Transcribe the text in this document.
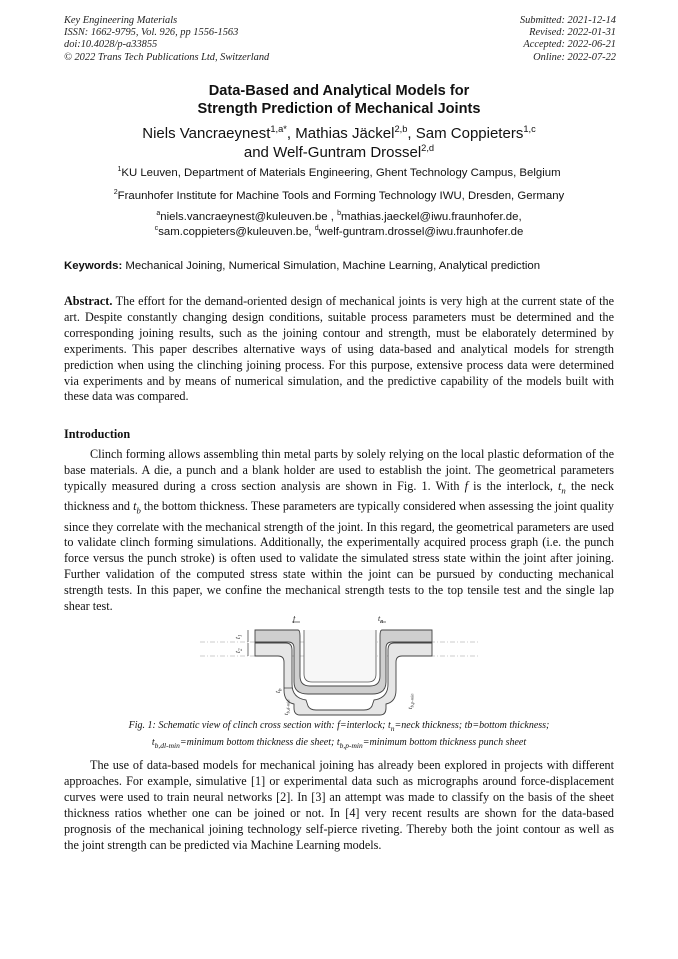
Key Engineering Materials
ISSN: 1662-9795, Vol. 926, pp 1556-1563
doi:10.4028/p-a33855
© 2022 Trans Tech Publications Ltd, Switzerland
Submitted: 2021-12-14
Revised: 2022-01-31
Accepted: 2022-06-21
Online: 2022-07-22
Data-Based and Analytical Models for
Strength Prediction of Mechanical Joints
Niels Vancraeynest$^{1,a*}$, Mathias Jäckel$^{2,b}$, Sam Coppieters$^{1,c}$
and Welf-Guntram Drossel$^{2,d}$
$^1$KU Leuven, Department of Materials Engineering, Ghent Technology Campus, Belgium
$^2$Fraunhofer Institute for Machine Tools and Forming Technology IWU, Dresden, Germany
$^a$niels.vancraeynest@kuleuven.be , $^b$mathias.jaeckel@iwu.fraunhofer.de,
$^c$sam.coppieters@kuleuven.be, $^d$welf-guntram.drossel@iwu.fraunhofer.de
Keywords: Mechanical Joining, Numerical Simulation, Machine Learning, Analytical prediction
Abstract. The effort for the demand-oriented design of mechanical joints is very high at the current state of the art. Despite constantly changing design conditions, suitable process parameters must be determined and the corresponding joining results, such as the joining contour and strength, must be elaborately determined by experiments. This paper describes alternative ways of using data-based and analytical models for strength prediction when using the clinching joining process. For this purpose, extensive process data were determined via experiments and by means of numerical simulation, and the predictive capability of the models built with these data was compared.
Introduction
Clinch forming allows assembling thin metal parts by solely relying on the local plastic deformation of the base materials. A die, a punch and a blank holder are used to establish the joint. The geometrical parameters typically measured during a cross section analysis are shown in Fig. 1. With f is the interlock, $t_n$ the neck thickness and $t_b$ the bottom thickness. These parameters are typically considered when assessing the joint quality since they correlate with the mechanical strength of the joint. In this regard, the geometrical parameters are used to validate clinch forming simulations. Additionally, the experimentally acquired process graph (i.e. the punch force versus the punch stroke) is often used to validate the simulated stress state within the joint after joining. Further validation of the computed stress state within the joint can be pursued by conducting mechanical strength tests. In this paper, we confine the mechanical strength tests to the top tensile test and the single lap shear test.
f	$t_n$
$t_1$
$t_2$
$t_b$
$t_{b,d-min}$	$t_{b,p-min}$
Fig. 1: Schematic view of clinch cross section with: f=interlock; $t_n=neck$ thickness; tb=bottom thickness;
$t_{b,dl-min}=minimum$ bottom thickness die sheet; $t_{b,p-min}=minimum$ bottom thickness punch sheet
The use of data-based models for mechanical joining has already been explored in projects with different approaches. For example, simulative [1] or experimental data such as micrographs around force-displacement curves were used to train neural networks [2]. In [3] an attempt was made to classify on the basis of the sheet thickness ratios whether one can be joined or not. In [4] very recent results are shown for the data-based prognosis of the mechanical joining technology self-pierce riveting. Thereby both the joint contour as well as the joint strength can be predicted via Machine Learning models.
